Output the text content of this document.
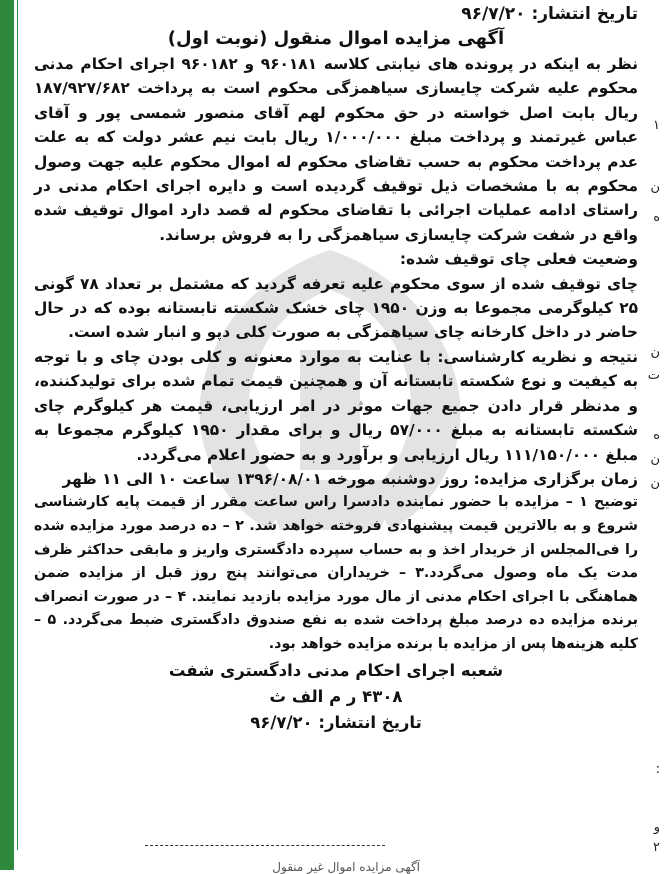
۱
ن
ه
ن
ت
ه
ن
ن
:
و
۲

تاریخ انتشار: ۹۶/۷/۲۰

آگهی مزایده اموال منقول (نوبت اول)

نظر به اینکه در پرونده های نیابتی کلاسه ۹۶۰۱۸۱ و ۹۶۰۱۸۲ اجرای احکام مدنی محکوم علیه شرکت چایسازی سیاهمزگی محکوم است به پرداخت ۱۸۷/۹۲۷/۶۸۲ ریال بابت اصل خواسته در حق محکوم لهم آقای منصور شمسی پور و آقای عباس غیرتمند و پرداخت مبلغ ۱/۰۰۰/۰۰۰ ریال بابت نیم عشر دولت که به علت عدم پرداخت محکوم به حسب تقاضای محکوم له اموال محکوم علیه جهت وصول محکوم به با مشخصات ذیل توقیف گردیده است و دایره اجرای احکام مدنی در راستای ادامه عملیات اجرائی با تقاضای محکوم له قصد دارد اموال توقیف شده واقع در شفت شرکت چایسازی سیاهمزگی را به فروش برساند.

وضعیت فعلی چای توقیف شده:

چای توقیف شده از سوی محکوم علیه تعرفه گردید که مشتمل بر تعداد ۷۸ گونی ۲۵ کیلوگرمی مجموعا به وزن ۱۹۵۰ چای خشک شکسته تابستانه بوده که در حال حاضر در داخل کارخانه چای سیاهمزگی به صورت کلی دپو و انبار شده است.

نتیجه و نظریه کارشناسی: با عنایت به موارد معنونه و کلی بودن چای و با توجه به کیفیت و نوع شکسته تابستانه آن و همچنین قیمت تمام شده برای تولیدکننده، و مدنظر قرار دادن جمیع جهات موثر در امر ارزیابی، قیمت هر کیلوگرم چای شکسته تابستانه به مبلغ ۵۷/۰۰۰ ریال و برای مقدار ۱۹۵۰ کیلوگرم مجموعا به مبلغ ۱۱۱/۱۵۰/۰۰۰ ریال ارزیابی و برآورد و به حضور اعلام می‌گردد.

زمان برگزاری مزایده: روز دوشنبه مورخه ۱۳۹۶/۰۸/۰۱ ساعت ۱۰ الی ۱۱ ظهر

توضیح ۱ – مزایده با حضور نماینده دادسرا راس ساعت مقرر از قیمت پایه کارشناسی شروع و به بالاترین قیمت پیشنهادی فروخته خواهد شد. ۲ – ده درصد مورد مزایده شده را فی‌المجلس از خریدار اخذ و به حساب سپرده دادگستری واریز و مابقی حداکثر ظرف مدت یک ماه وصول می‌گردد.۳ – خریداران می‌توانند پنج روز قبل از مزایده ضمن هماهنگی با اجرای احکام مدنی از مال مورد مزایده بازدید نمایند. ۴ – در صورت انصراف برنده مزایده ده درصد مبلغ پرداخت شده به نفع صندوق دادگستری ضبط می‌گردد. ۵ – کلیه هزینه‌ها پس از مزایده با برنده مزایده خواهد بود.

شعبه اجرای احکام مدنی دادگستری شفت
۴۳۰۸ ر م الف ث
تاریخ انتشار: ۹۶/۷/۲۰
آگهی مزایده اموال غیر منقول
